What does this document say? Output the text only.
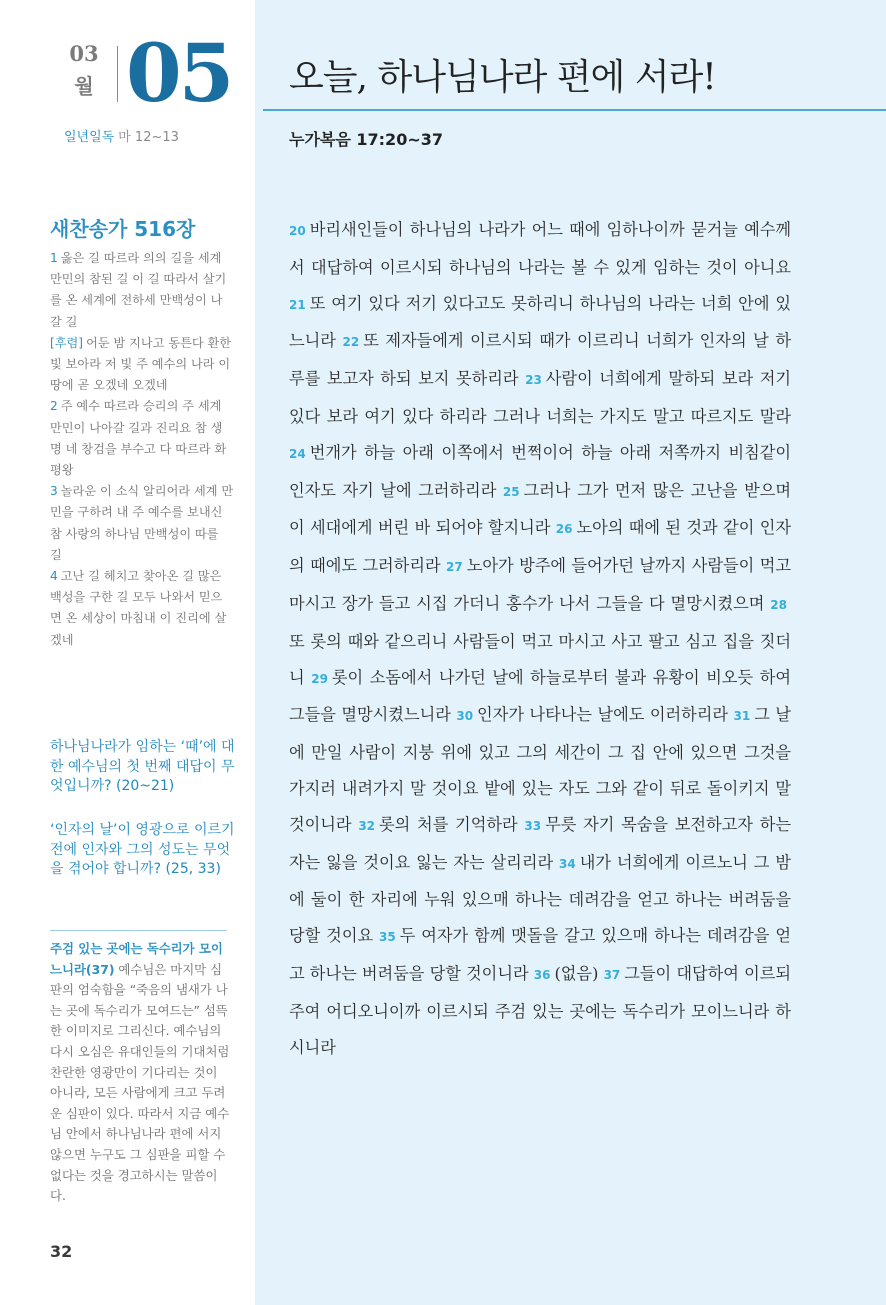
03
월 05
일년일독 마 12~13
새찬송가 516장

1 옳은 길 따르라 의의 길을 세계 만민의 참된 길 이 길 따라서 살기를 온 세계에 전하세 만백성이 나갈 길

[후렴] 어둔 밤 지나고 동튼다 환한 빛 보아라 저 빛 주 예수의 나라 이 땅에 곧 오겠네 오겠네

2 주 예수 따르라 승리의 주 세계 만민이 나아갈 길과 진리요 참 생명 네 창검을 부수고 다 따르라 화평왕

3 놀라운 이 소식 알리어라 세계 만민을 구하려 내 주 예수를 보내신 참 사랑의 하나님 만백성이 따를 길

4 고난 길 헤치고 찾아온 길 많은 백성을 구한 길 모두 나와서 믿으면 온 세상이 마침내 이 진리에 살겠네

하나님나라가 임하는 ‘때’에 대한 예수님의 첫 번째 대답이 무엇입니까? (20~21)
‘인자의 날’이 영광으로 이르기 전에 인자와 그의 성도는 무엇을 겪어야 합니까? (25, 33)
주검 있는 곳에는 독수리가 모이느니라(37) 예수님은 마지막 심판의 엄숙함을 “죽음의 냄새가 나는 곳에 독수리가 모여드는” 섬뜩한 이미지로 그리신다. 예수님의 다시 오심은 유대인들의 기대처럼 찬란한 영광만이 기다리는 것이 아니라, 모든 사람에게 크고 두려운 심판이 있다. 따라서 지금 예수님 안에서 하나님나라 편에 서지 않으면 누구도 그 심판을 피할 수 없다는 것을 경고하시는 말씀이다.
32
오늘, 하나님나라 편에 서라!
누가복음 17:20~37
20 바리새인들이 하나님의 나라가 어느 때에 임하나이까 묻거늘 예수께서 대답하여 이르시되 하나님의 나라는 볼 수 있게 임하는 것이 아니요 21 또 여기 있다 저기 있다고도 못하리니 하나님의 나라는 너희 안에 있느니라 22 또 제자들에게 이르시되 때가 이르리니 너희가 인자의 날 하루를 보고자 하되 보지 못하리라 23 사람이 너희에게 말하되 보라 저기 있다 보라 여기 있다 하리라 그러나 너희는 가지도 말고 따르지도 말라 24 번개가 하늘 아래 이쪽에서 번쩍이어 하늘 아래 저쪽까지 비침같이 인자도 자기 날에 그러하리라 25 그러나 그가 먼저 많은 고난을 받으며 이 세대에게 버린 바 되어야 할지니라 26 노아의 때에 된 것과 같이 인자의 때에도 그러하리라 27 노아가 방주에 들어가던 날까지 사람들이 먹고 마시고 장가 들고 시집 가더니 홍수가 나서 그들을 다 멸망시켰으며 28또 롯의 때와 같으리니 사람들이 먹고 마시고 사고 팔고 심고 집을 짓더니 29 롯이 소돔에서 나가던 날에 하늘로부터 불과 유황이 비오듯 하여 그들을 멸망시켰느니라 30 인자가 나타나는 날에도 이러하리라 31 그 날에 만일 사람이 지붕 위에 있고 그의 세간이 그 집 안에 있으면 그것을 가지러 내려가지 말 것이요 밭에 있는 자도 그와 같이 뒤로 돌이키지 말 것이니라 32 롯의 처를 기억하라 33 무릇 자기 목숨을 보전하고자 하는 자는 잃을 것이요 잃는 자는 살리리라 34 내가 너희에게 이르노니 그 밤에 둘이 한 자리에 누워 있으매 하나는 데려감을 얻고 하나는 버려둠을 당할 것이요 35 두 여자가 함께 맷돌을 갈고 있으매 하나는 데려감을 얻고 하나는 버려둠을 당할 것이니라 36 (없음) 37 그들이 대답하여 이르되 주여 어디오니이까 이르시되 주검 있는 곳에는 독수리가 모이느니라 하시니라
